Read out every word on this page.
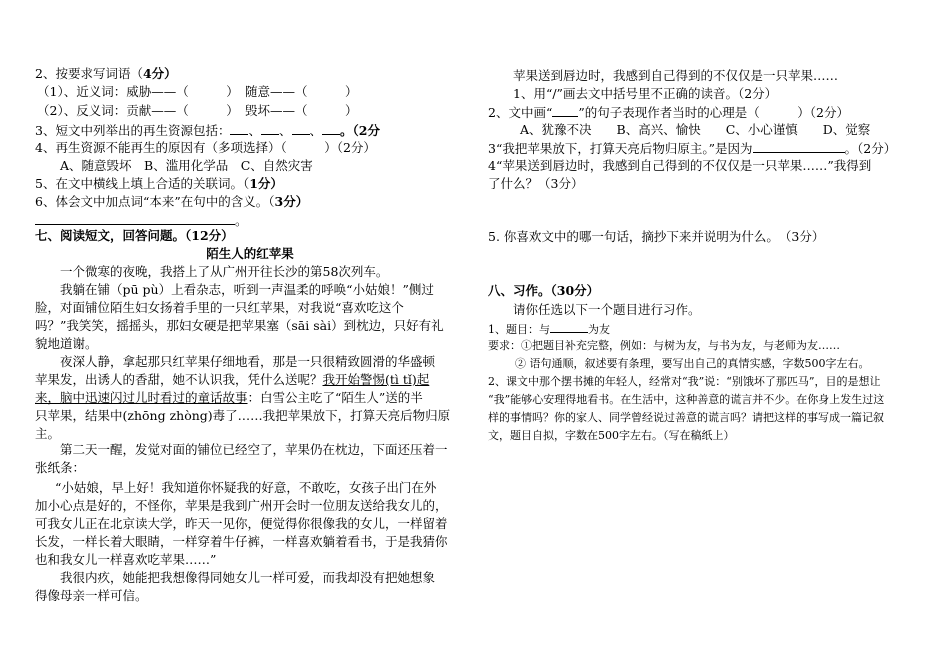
2、按要求写词语（4分）
（1）、近义词：威胁——（　　　）　随意——（　　　）
（2）、反义词：贡献——（　　　）　毁坏——（　　　）
3、短文中列举出的再生资源包括： 、 、 、 。（2分
4、再生资源不能再生的原因有（多项选择）（　　　）（2分）
A、随意毁坏　B、滥用化学品　C、自然灾害
5、在文中横线上填上合适的关联词。（1分）
6、体会文中加点词“本来”在句中的含义。（3分）
。
七、阅读短文，回答问题。（12分）
陌生人的红苹果
一个微寒的夜晚，我搭上了从广州开往长沙的第58次列车。
我躺在铺（pū pù）上看杂志，听到一声温柔的呼唤“小姑娘！”侧过
脸，对面铺位陌生妇女扬着手里的一只红苹果，对我说“喜欢吃这个
吗？”我笑笑，摇摇头，那妇女硬是把苹果塞（sāi sài）到枕边，只好有礼
貌地道谢。
夜深人静，拿起那只红苹果仔细地看，那是一只很精致圆滑的华盛顿
苹果发，出诱人的香甜，她不认识我，凭什么送呢？我开始警惕(tì tǐ)起
来，脑中迅速闪过儿时看过的童话故事：白雪公主吃了“陌生人”送的半
只苹果，结果中(zhōng zhòng)毒了……我把苹果放下，打算天亮后物归原
主。
第二天一醒，发觉对面的铺位已经空了，苹果仍在枕边，下面还压着一
张纸条：
“小姑娘，早上好！我知道你怀疑我的好意，不敢吃，女孩子出门在外
加小心点是好的，不怪你，苹果是我到广州开会时一位朋友送给我女儿的，
可我女儿正在北京读大学，昨天一见你，便觉得你很像我的女儿，一样留着
长发，一样长着大眼睛，一样穿着牛仔裤，一样喜欢躺着看书，于是我猜你
也和我女儿一样喜欢吃苹果……”
我很内疚，她能把我想像得同她女儿一样可爱，而我却没有把她想象
得像母亲一样可信。
苹果送到唇边时，我感到自己得到的不仅仅是一只苹果……
1、用“/”画去文中括号里不正确的读音。（2分）
2、文中画“ ”的句子表现作者当时的心理是（　　　）（2分）
A、犹豫不决　　B、高兴、愉快　　C、小心谨慎　　D、觉察
3“我把苹果放下，打算天亮后物归原主。”是因为	。（2分）
4“苹果送到唇边时，我感到自己得到的不仅仅是一只苹果……”我得到
了什么？（3分）
5. 你喜欢文中的哪一句话，摘抄下来并说明为什么。　（3分）
八、习作。（30分）
请你任选以下一个题目进行习作。
1、题目：与	为友
要求：①把题目补充完整，例如：与树为友，与书为友，与老师为友……
② 语句通顺，叙述要有条理，要写出自己的真情实感，字数500字左右。
2、课文中那个摆书摊的年轻人，经常对“我”说：“别饿坏了那匹马”，目的是想让
“我”能够心安理得地看书。在生活中，这种善意的谎言并不少。在你身上发生过这
样的事情吗？你的家人、同学曾经说过善意的谎言吗？请把这样的事写成一篇记叙
文，题目自拟，字数在500字左右。（写在稿纸上）
